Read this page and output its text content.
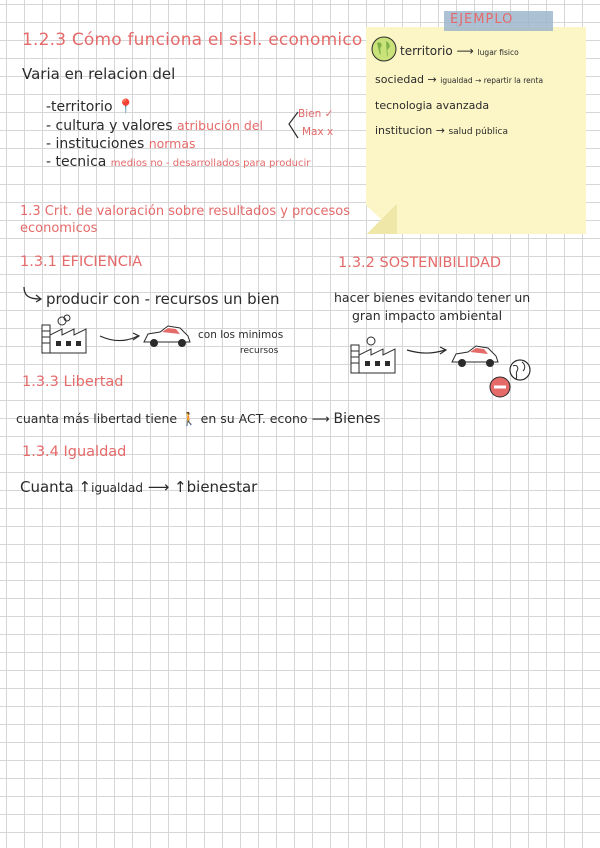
1.2.3 Cómo funciona el sisl. economico
Varia en relacion del
-territorio 📍
- cultura y valores atribución del
- instituciones normas
- tecnica medios no - desarrollados para producir
Bien ✓
Max x
EJEMPLO
territorio ⟶ lugar fisico
sociedad → igualdad → repartir la renta
tecnologia avanzada
institucion → salud pública
1.3 Crit. de valoración sobre resultados y procesos economicos
1.3.1 EFICIENCIA
producir con - recursos un bien
con los minimos
recursos
1.3.2 SOSTENIBILIDAD
hacer bienes evitando tener un
gran impacto ambiental
1.3.3 Libertad
cuanta más libertad tiene 🚶 en su ACT. econo ⟶ Bienes
1.3.4 Igualdad
Cuanta ↑igualdad ⟶ ↑bienestar
